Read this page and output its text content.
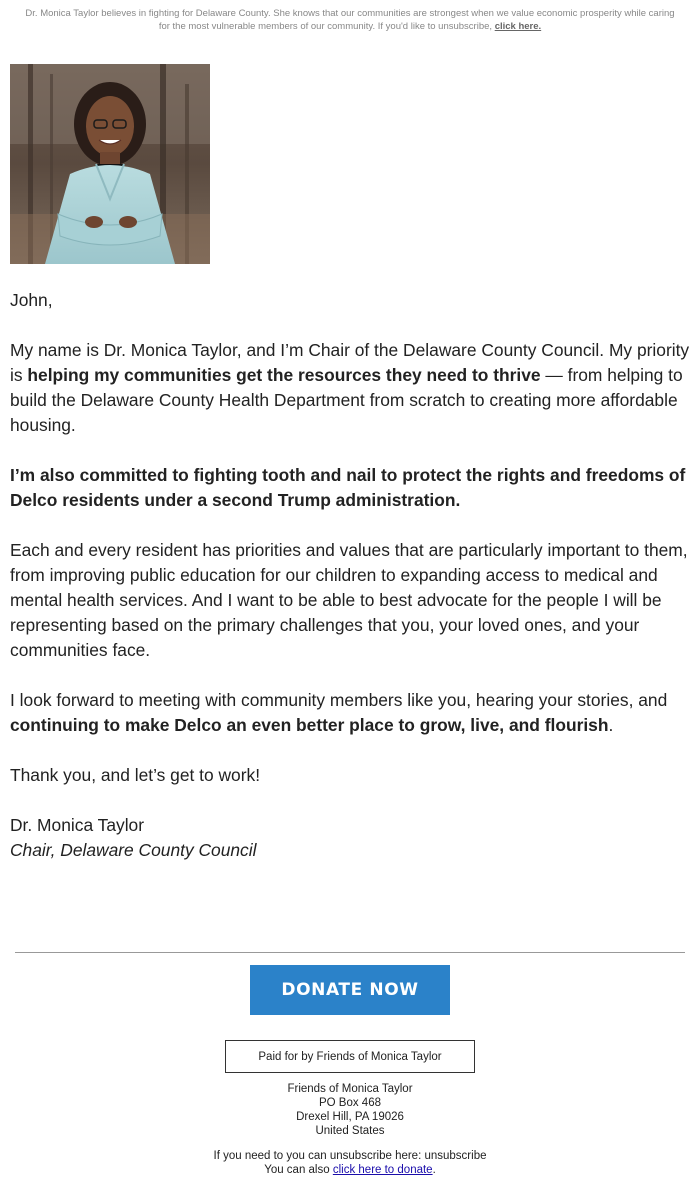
Dr. Monica Taylor believes in fighting for Delaware County. She knows that our communities are strongest when we value economic prosperity while caring for the most vulnerable members of our community. If you'd like to unsubscribe, click here.

John,

My name is Dr. Monica Taylor, and I’m Chair of the Delaware County Council. My priority is helping my communities get the resources they need to thrive — from helping to build the Delaware County Health Department from scratch to creating more affordable housing.

I’m also committed to fighting tooth and nail to protect the rights and freedoms of Delco residents under a second Trump administration.

Each and every resident has priorities and values that are particularly important to them, from improving public education for our children to expanding access to medical and mental health services. And I want to be able to best advocate for the people I will be representing based on the primary challenges that you, your loved ones, and your communities face.

I look forward to meeting with community members like you, hearing your stories, and continuing to make Delco an even better place to grow, live, and flourish.

Thank you, and let’s get to work!

Dr. Monica Taylor
Chair, Delaware County Council

DONATE NOW
Paid for by Friends of Monica Taylor
Friends of Monica Taylor
PO Box 468
Drexel Hill, PA 19026
United States
If you need to you can unsubscribe here: unsubscribe
You can also click here to donate.
